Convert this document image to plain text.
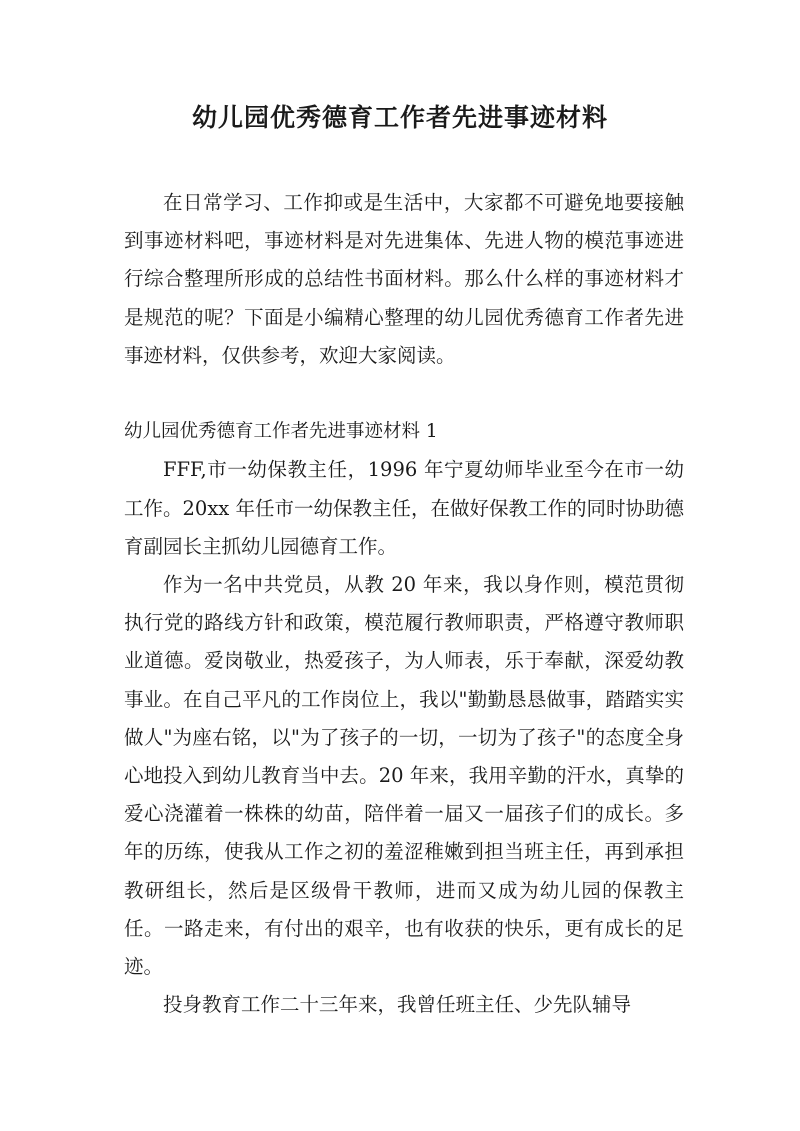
幼儿园优秀德育工作者先进事迹材料

在日常学习、工作抑或是生活中，大家都不可避免地要接触到事迹材料吧，事迹材料是对先进集体、先进人物的模范事迹进行综合整理所形成的总结性书面材料。那么什么样的事迹材料才是规范的呢？下面是小编精心整理的幼儿园优秀德育工作者先进事迹材料，仅供参考，欢迎大家阅读。

幼儿园优秀德育工作者先进事迹材料 1

FFF,市一幼保教主任，1996 年宁夏幼师毕业至今在市一幼工作。20xx 年任市一幼保教主任，在做好保教工作的同时协助德育副园长主抓幼儿园德育工作。

作为一名中共党员，从教 20 年来，我以身作则，模范贯彻执行党的路线方针和政策，模范履行教师职责，严格遵守教师职业道德。爱岗敬业，热爱孩子，为人师表，乐于奉献，深爱幼教事业。在自己平凡的工作岗位上，我以"勤勤恳恳做事，踏踏实实做人"为座右铭，以"为了孩子的一切，一切为了孩子"的态度全身心地投入到幼儿教育当中去。20 年来，我用辛勤的汗水，真挚的爱心浇灌着一株株的幼苗，陪伴着一届又一届孩子们的成长。多年的历练，使我从工作之初的羞涩稚嫩到担当班主任，再到承担教研组长，然后是区级骨干教师，进而又成为幼儿园的保教主任。一路走来，有付出的艰辛，也有收获的快乐，更有成长的足迹。

投身教育工作二十三年来，我曾任班主任、少先队辅导
